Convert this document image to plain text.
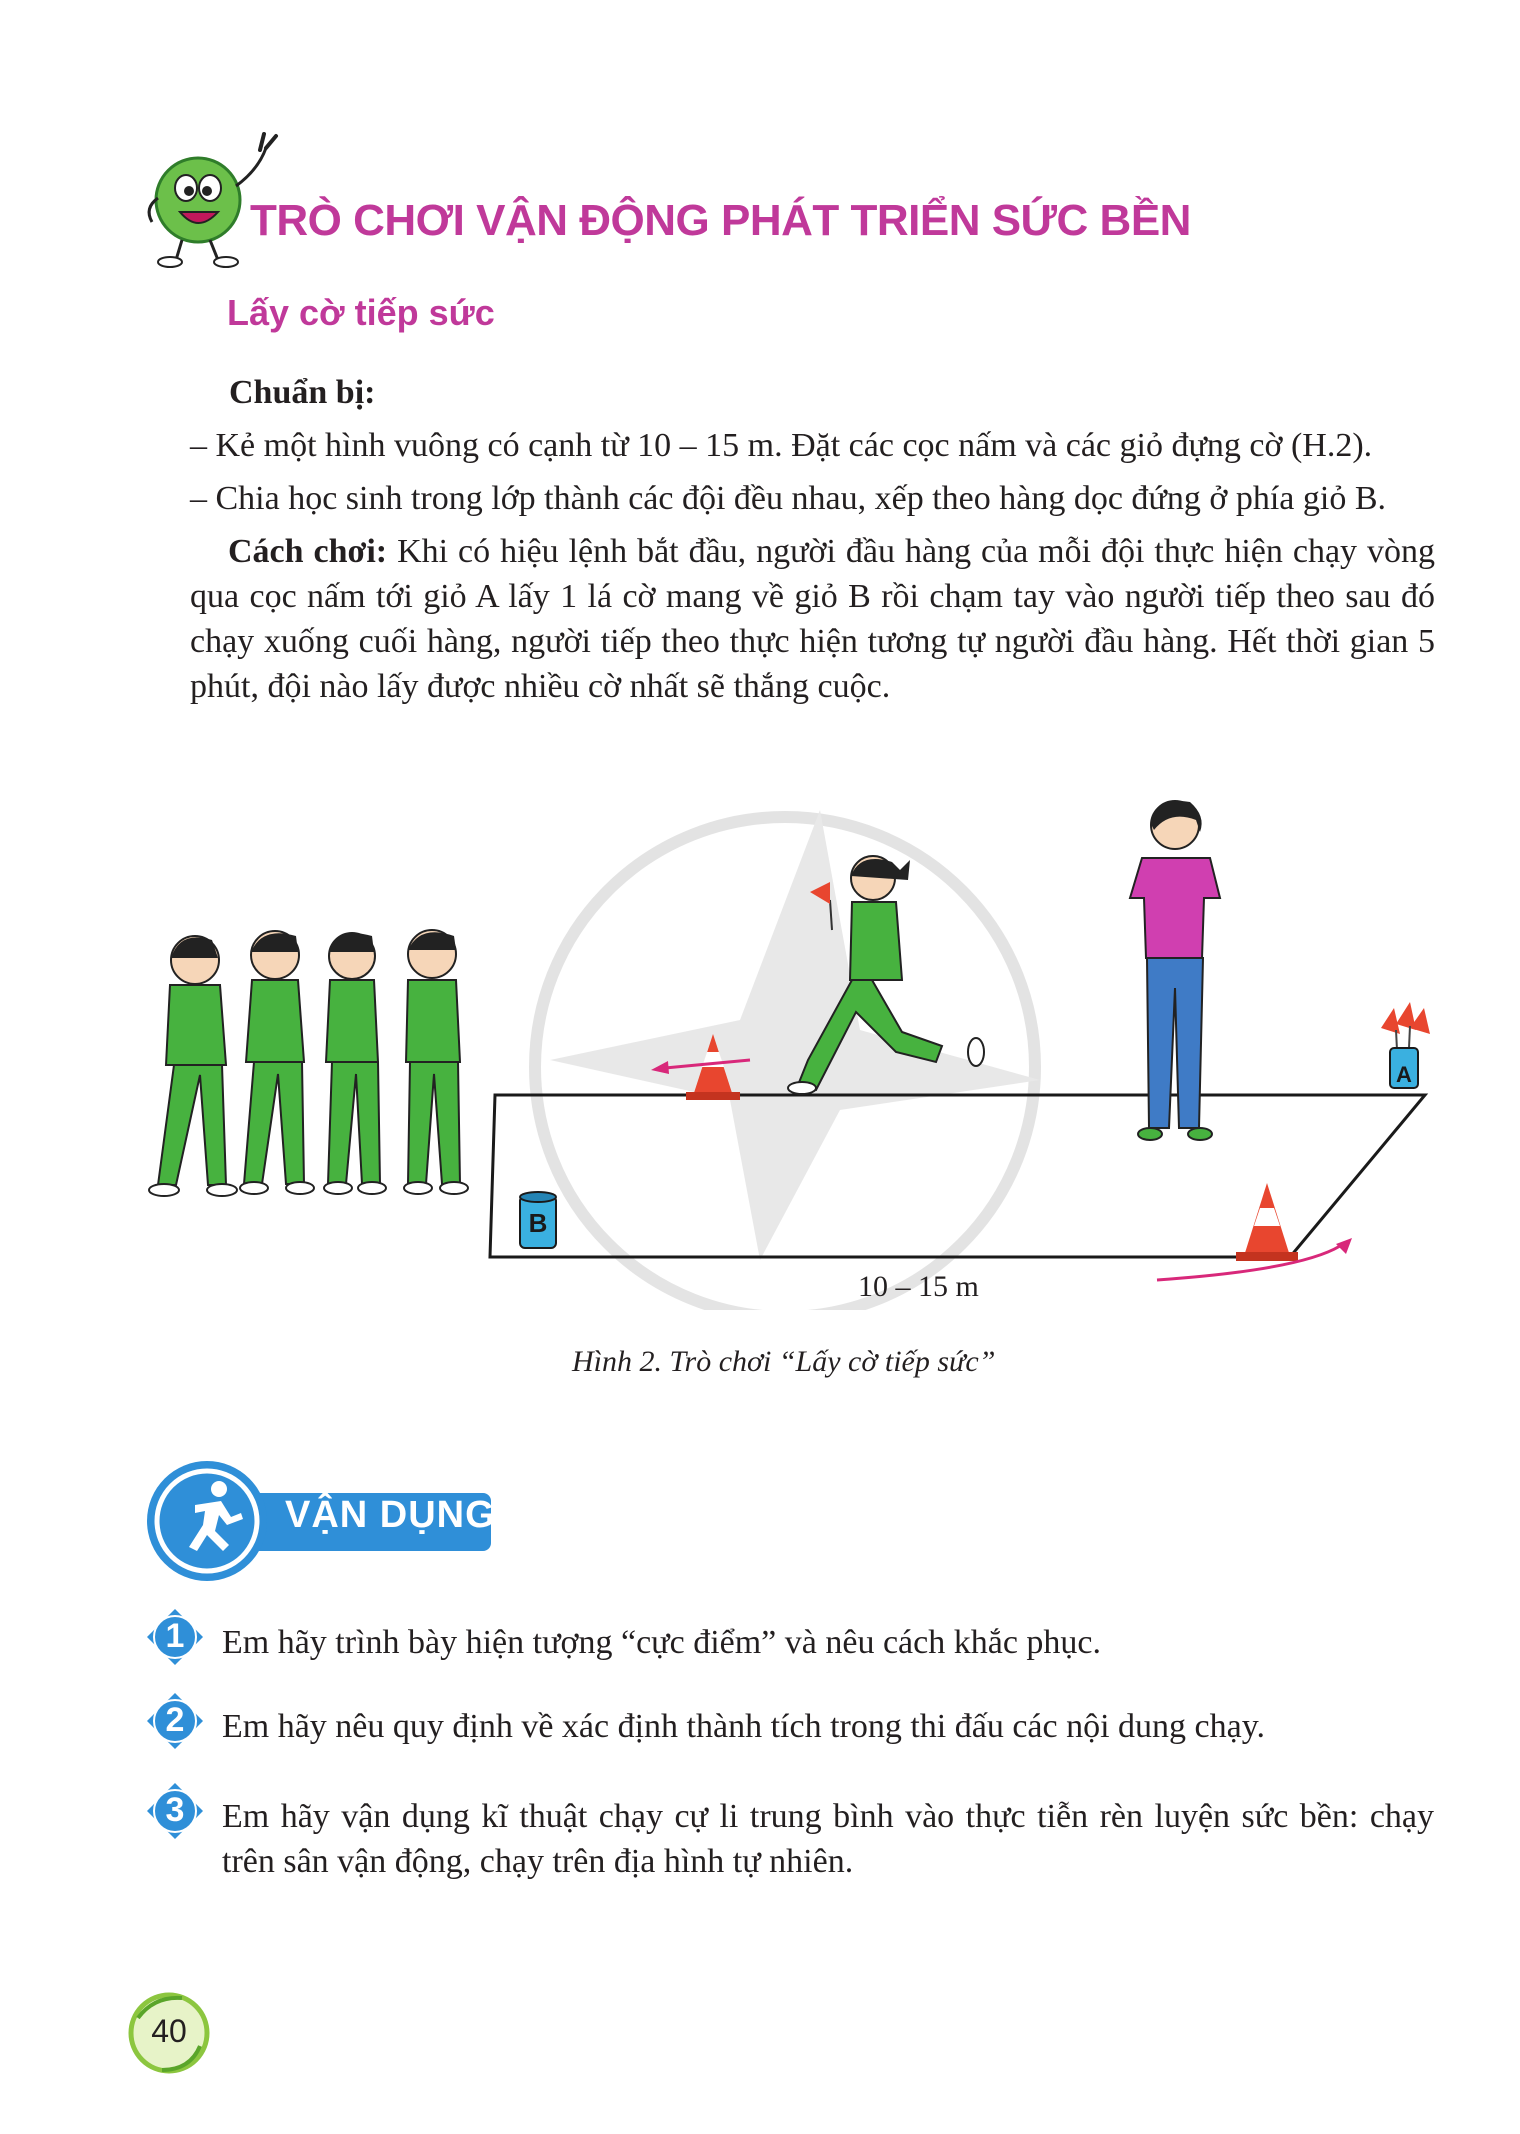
TRÒ CHƠI VẬN ĐỘNG PHÁT TRIỂN SỨC BỀN
Lấy cờ tiếp sức
Chuẩn bị:
– Kẻ một hình vuông có cạnh từ 10 – 15 m. Đặt các cọc nấm và các giỏ đựng cờ (H.2).
– Chia học sinh trong lớp thành các đội đều nhau, xếp theo hàng dọc đứng ở phía giỏ B.
Cách chơi: Khi có hiệu lệnh bắt đầu, người đầu hàng của mỗi đội thực hiện chạy vòng qua cọc nấm tới giỏ A lấy 1 lá cờ mang về giỏ B rồi chạm tay vào người tiếp theo sau đó chạy xuống cuối hàng, người tiếp theo thực hiện tương tự người đầu hàng. Hết thời gian 5 phút, đội nào lấy được nhiều cờ nhất sẽ thắng cuộc.
A
B
10 – 15 m
Hình 2. Trò chơi “Lấy cờ tiếp sức”
VẬN DỤNG
1	Em hãy trình bày hiện tượng “cực điểm” và nêu cách khắc phục.
2	Em hãy nêu quy định về xác định thành tích trong thi đấu các nội dung chạy.
3	Em hãy vận dụng kĩ thuật chạy cự li trung bình vào thực tiễn rèn luyện sức bền: chạy trên sân vận động, chạy trên địa hình tự nhiên.
40
